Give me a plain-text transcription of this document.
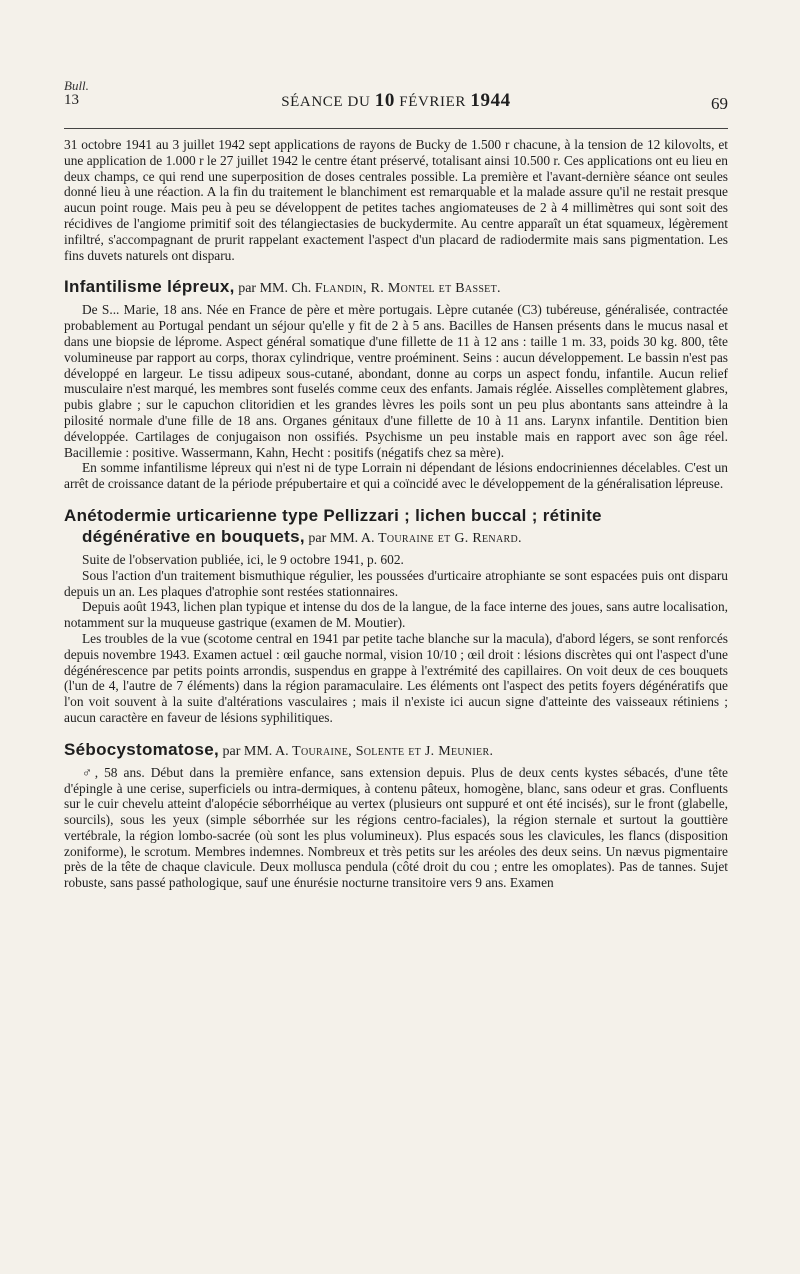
Bull.
13	SÉANCE DU 10 FÉVRIER 1944	69

31 octobre 1941 au 3 juillet 1942 sept applications de rayons de Bucky de 1.500 r chacune, à la tension de 12 kilovolts, et une application de 1.000 r le 27 juillet 1942 le centre étant préservé, totalisant ainsi 10.500 r. Ces applications ont eu lieu en deux champs, ce qui rend une superposition de doses centrales possible. La première et l'avant-dernière séance ont seules donné lieu à une réaction. A la fin du traitement le blanchiment est remarquable et la malade assure qu'il ne restait presque aucun point rouge. Mais peu à peu se développent de petites taches angiomateuses de 2 à 4 millimètres qui sont soit des récidives de l'angiome primitif soit des télangiectasies de buckydermite. Au centre apparaît un état squameux, légèrement infiltré, s'accompagnant de prurit rappelant exactement l'aspect d'un placard de radiodermite mais sans pigmentation. Les fins duvets naturels ont disparu.

Infantilisme lépreux, par MM. Ch. Flandin, R. Montel et Basset.

De S... Marie, 18 ans. Née en France de père et mère portugais. Lèpre cutanée (C3) tubéreuse, généralisée, contractée probablement au Portugal pendant un séjour qu'elle y fit de 2 à 5 ans. Bacilles de Hansen présents dans le mucus nasal et dans une biopsie de léprome. Aspect général somatique d'une fillette de 11 à 12 ans : taille 1 m. 33, poids 30 kg. 800, tête volumineuse par rapport au corps, thorax cylindrique, ventre proéminent. Seins : aucun développement. Le bassin n'est pas développé en largeur. Le tissu adipeux sous-cutané, abondant, donne au corps un aspect fondu, infantile. Aucun relief musculaire n'est marqué, les membres sont fuselés comme ceux des enfants. Jamais réglée. Aisselles complètement glabres, pubis glabre ; sur le capuchon clitoridien et les grandes lèvres les poils sont un peu plus abontants sans atteindre à la pilosité normale d'une fille de 18 ans. Organes génitaux d'une fillette de 10 à 11 ans. Larynx infantile. Dentition bien développée. Cartilages de conjugaison non ossifiés. Psychisme un peu instable mais en rapport avec son âge réel. Bacillemie : positive. Wassermann, Kahn, Hecht : positifs (négatifs chez sa mère).

En somme infantilisme lépreux qui n'est ni de type Lorrain ni dépendant de lésions endocriniennes décelables. C'est un arrêt de croissance datant de la période prépubertaire et qui a coïncidé avec le développement de la généralisation lépreuse.

Anétodermie urticarienne type Pellizzari ; lichen buccal ; rétinite
dégénérative en bouquets, par MM. A. Touraine et G. Renard.

Suite de l'observation publiée, ici, le 9 octobre 1941, p. 602.

Sous l'action d'un traitement bismuthique régulier, les poussées d'urticaire atrophiante se sont espacées puis ont disparu depuis un an. Les plaques d'atrophie sont restées stationnaires.

Depuis août 1943, lichen plan typique et intense du dos de la langue, de la face interne des joues, sans autre localisation, notamment sur la muqueuse gastrique (examen de M. Moutier).

Les troubles de la vue (scotome central en 1941 par petite tache blanche sur la macula), d'abord légers, se sont renforcés depuis novembre 1943. Examen actuel : œil gauche normal, vision 10/10 ; œil droit : lésions discrètes qui ont l'aspect d'une dégénérescence par petits points arrondis, suspendus en grappe à l'extrémité des capillaires. On voit deux de ces bouquets (l'un de 4, l'autre de 7 éléments) dans la région paramaculaire. Les éléments ont l'aspect des petits foyers dégénératifs que l'on voit souvent à la suite d'altérations vasculaires ; mais il n'existe ici aucun signe d'atteinte des vaisseaux rétiniens ; aucun caractère en faveur de lésions syphilitiques.

Sébocystomatose, par MM. A. Touraine, Solente et J. Meunier.

♂, 58 ans. Début dans la première enfance, sans extension depuis. Plus de deux cents kystes sébacés, d'une tête d'épingle à une cerise, superficiels ou intra-dermiques, à contenu pâteux, homogène, blanc, sans odeur et gras. Confluents sur le cuir chevelu atteint d'alopécie séborrhéique au vertex (plusieurs ont suppuré et ont été incisés), sur le front (glabelle, sourcils), sous les yeux (simple séborrhée sur les régions centro-faciales), la région sternale et surtout la gouttière vertébrale, la région lombo-sacrée (où sont les plus volumineux). Plus espacés sous les clavicules, les flancs (disposition zoniforme), le scrotum. Membres indemnes. Nombreux et très petits sur les aréoles des deux seins. Un nævus pigmentaire près de la tête de chaque clavicule. Deux mollusca pendula (côté droit du cou ; entre les omoplates). Pas de tannes. Sujet robuste, sans passé pathologique, sauf une énurésie nocturne transitoire vers 9 ans. Examen
